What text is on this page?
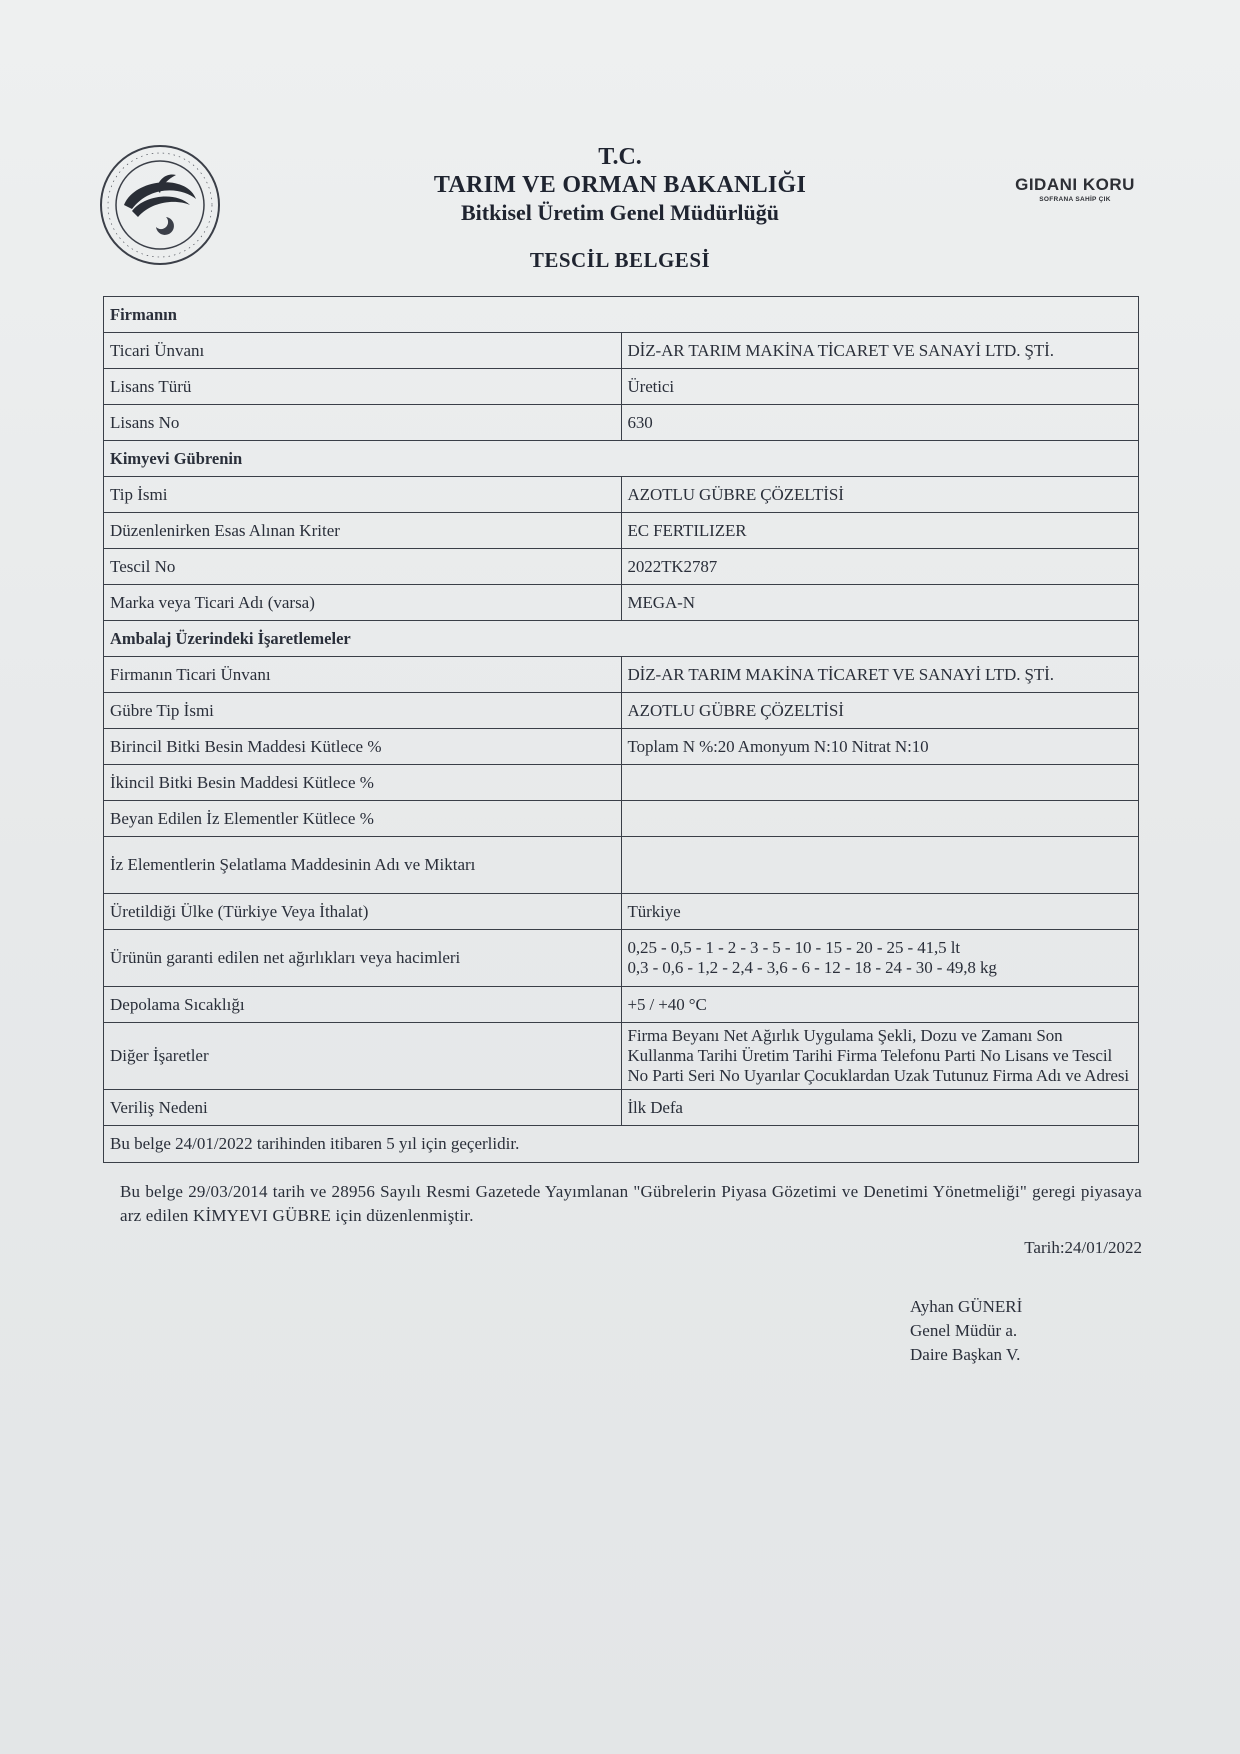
T.C.
TARIM VE ORMAN BAKANLIĞI
Bitkisel Üretim Genel Müdürlüğü
GIDANI KORU
SOFRANA SAHİP ÇIK
TESCİL BELGESİ
Firmanın	
Ticari Ünvanı	DİZ-AR TARIM MAKİNA TİCARET VE SANAYİ LTD. ŞTİ.
Lisans Türü	Üretici
Lisans No	630
Kimyevi Gübrenin	
Tip İsmi	AZOTLU GÜBRE ÇÖZELTİSİ
Düzenlenirken Esas Alınan Kriter	EC FERTILIZER
Tescil No	2022TK2787
Marka veya Ticari Adı (varsa)	MEGA-N
Ambalaj Üzerindeki İşaretlemeler	
Firmanın Ticari Ünvanı	DİZ-AR TARIM MAKİNA TİCARET VE SANAYİ LTD. ŞTİ.
Gübre Tip İsmi	AZOTLU GÜBRE ÇÖZELTİSİ
Birincil Bitki Besin Maddesi Kütlece %	Toplam N %:20 Amonyum N:10 Nitrat N:10
İkincil Bitki Besin Maddesi Kütlece %	
Beyan Edilen İz Elementler Kütlece %	
İz Elementlerin Şelatlama Maddesinin Adı ve Miktarı	
Üretildiği Ülke (Türkiye Veya İthalat)	Türkiye
Ürünün garanti edilen net ağırlıkları veya hacimleri	0,25 - 0,5 - 1 - 2 - 3 - 5 - 10 - 15 - 20 - 25 - 41,5 lt
0,3 - 0,6 - 1,2 - 2,4 - 3,6 - 6 - 12 - 18 - 24 - 30 - 49,8 kg

Depolama Sıcaklığı	+5 / +40 °C
Diğer İşaretler	Firma Beyanı Net Ağırlık Uygulama Şekli, Dozu ve Zamanı Son Kullanma Tarihi Üretim Tarihi Firma Telefonu Parti No Lisans ve Tescil No Parti Seri No Uyarılar Çocuklardan Uzak Tutunuz Firma Adı ve Adresi
Veriliş Nedeni	İlk Defa
Bu belge 24/01/2022 tarihinden itibaren 5 yıl için geçerlidir.	
Bu belge 29/03/2014 tarih ve 28956 Sayılı Resmi Gazetede Yayımlanan "Gübrelerin Piyasa Gözetimi ve Denetimi Yönetmeliği" geregi piyasaya arz edilen KİMYEVI GÜBRE için düzenlenmiştir.
Tarih:24/01/2022
Ayhan GÜNERİ
Genel Müdür a.
Daire Başkan V.
